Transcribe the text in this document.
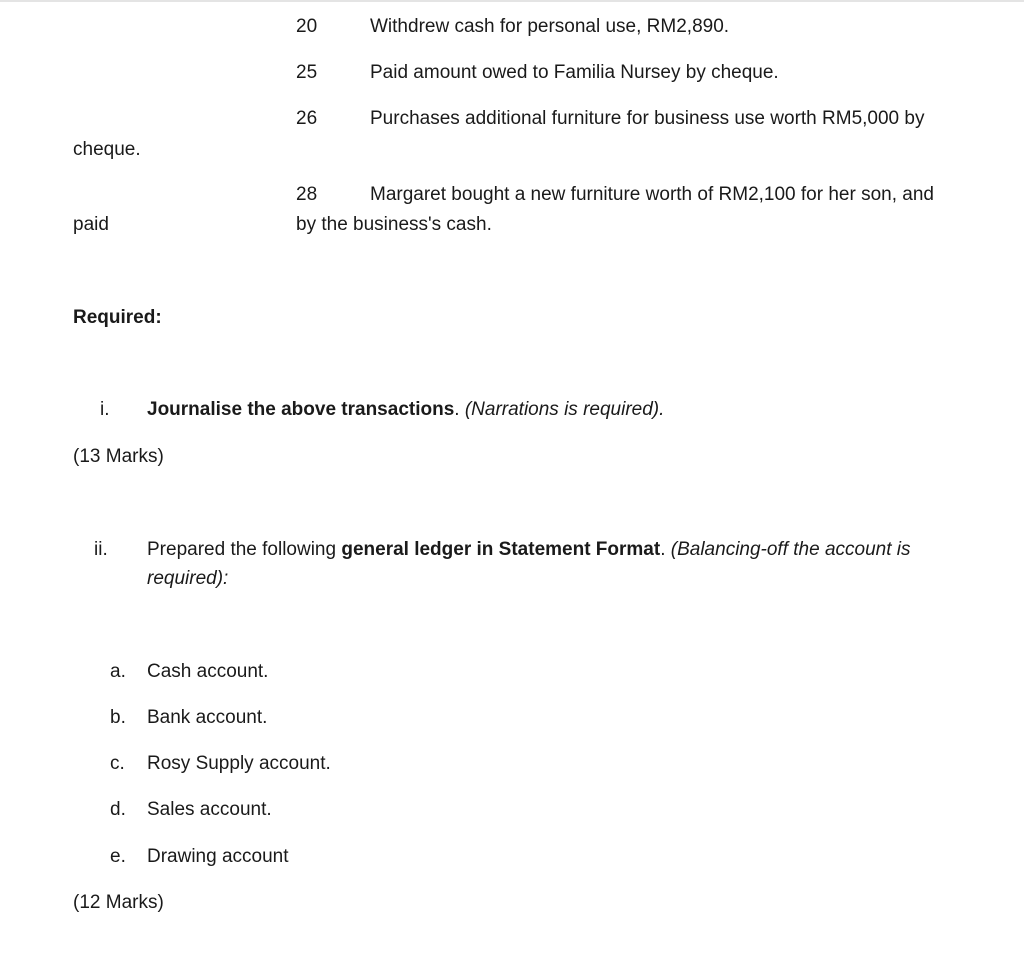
20	Withdrew cash for personal use, RM2,890.
25	Paid amount owed to Familia Nursey by cheque.
26	Purchases additional furniture for business use worth RM5,000 by
cheque.
28	Margaret bought a new furniture worth of RM2,100 for her son, and
paid	by the business's cash.
Required:
i. Journalise the above transactions. (Narrations is required).
(13 Marks)
ii. Prepared the following general ledger in Statement Format. (Balancing-off the account is
required):
a. Cash account.
b. Bank account.
c. Rosy Supply account.
d. Sales account.
e. Drawing account
(12 Marks)
